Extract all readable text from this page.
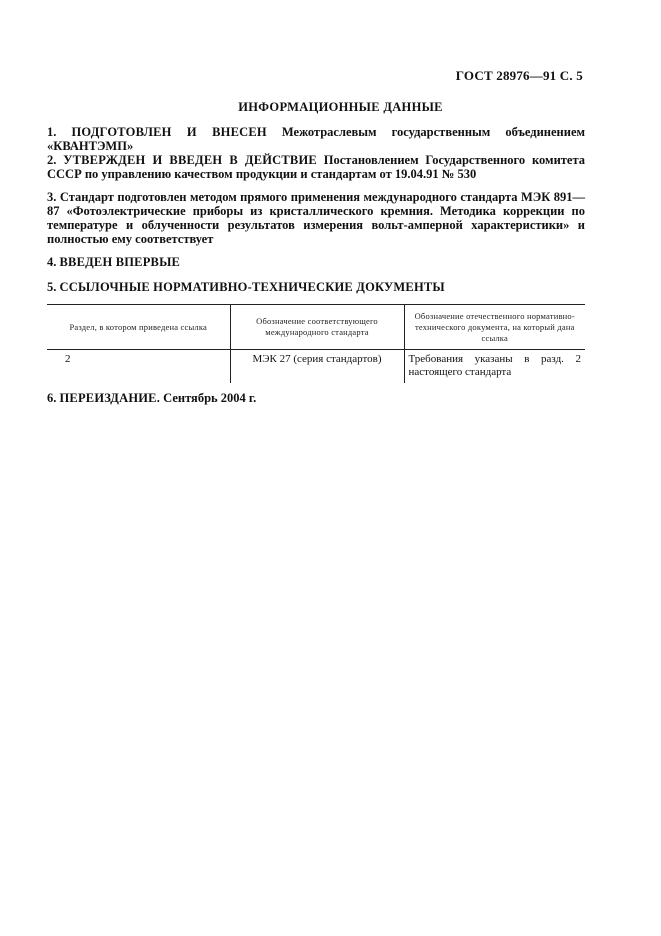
ГОСТ 28976—91 С. 5
ИНФОРМАЦИОННЫЕ ДАННЫЕ
1. ПОДГОТОВЛЕН И ВНЕСЕН Межотраслевым государственным объединением «КВАНТЭМП»
2. УТВЕРЖДЕН И ВВЕДЕН В ДЕЙСТВИЕ Постановлением Государственного комитета СССР по управлению качеством продукции и стандартам от 19.04.91 № 530
3. Стандарт подготовлен методом прямого применения международного стандарта МЭК 891—87 «Фотоэлектрические приборы из кристаллического кремния. Методика коррекции по температуре и облученности результатов измерения вольт-амперной характеристики» и полностью ему соответствует
4. ВВЕДЕН ВПЕРВЫЕ
5. ССЫЛОЧНЫЕ НОРМАТИВНО-ТЕХНИЧЕСКИЕ ДОКУМЕНТЫ
Раздел, в котором приведена ссылка	Обозначение соответствующего международного стандарта	Обозначение отечественного нормативно-технического документа, на который дана ссылка
2	МЭК 27 (серия стандартов)	Требования указаны в разд. 2 настоящего стандарта
6. ПЕРЕИЗДАНИЕ. Сентябрь 2004 г.
